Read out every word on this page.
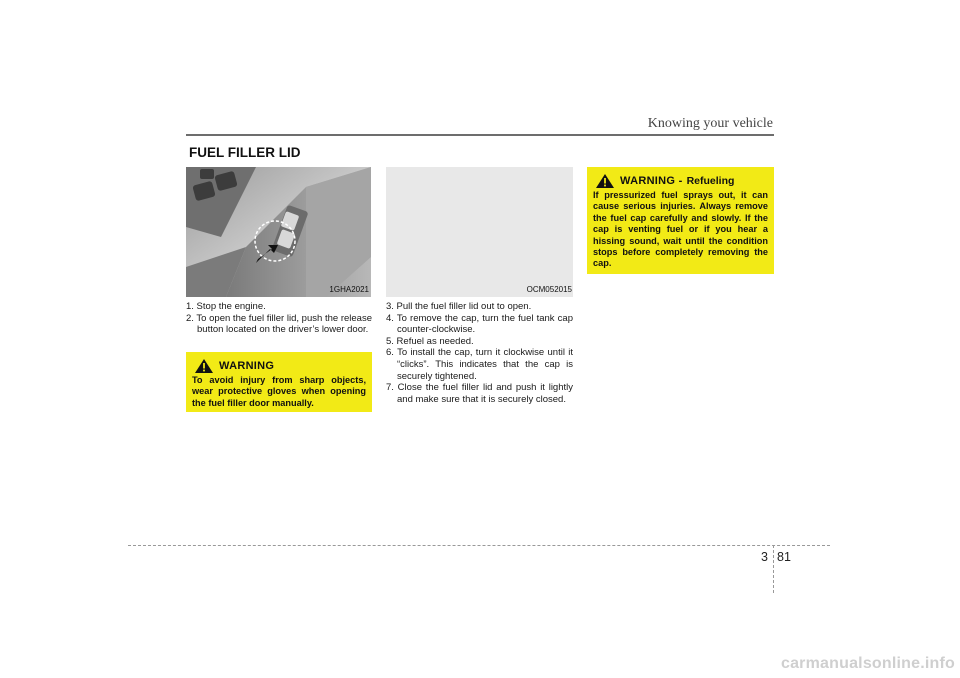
Knowing your vehicle
FUEL FILLER LID
1GHA2021	OCM052015

1. Stop the engine.

2. To open the fuel filler lid, push the release button located on the driver’s lower door.

3. Pull the fuel filler lid out to open.

4. To remove the cap, turn the fuel tank cap counter-clockwise.

5. Refuel as needed.

6. To install the cap, turn it clockwise until it “clicks”. This indicates that the cap is securely tightened.

7. Close the fuel filler lid and push it lightly and make sure that it is securely closed.

WARNING
To avoid injury from sharp objects, wear protective gloves when opening the fuel filler door manually.
WARNING - Refueling
If pressurized fuel sprays out, it can cause serious injuries. Always remove the fuel cap carefully and slowly. If the cap is venting fuel or if you hear a hissing sound, wait until the condition stops before completely removing the cap.
3 81
carmanualsonline.info
